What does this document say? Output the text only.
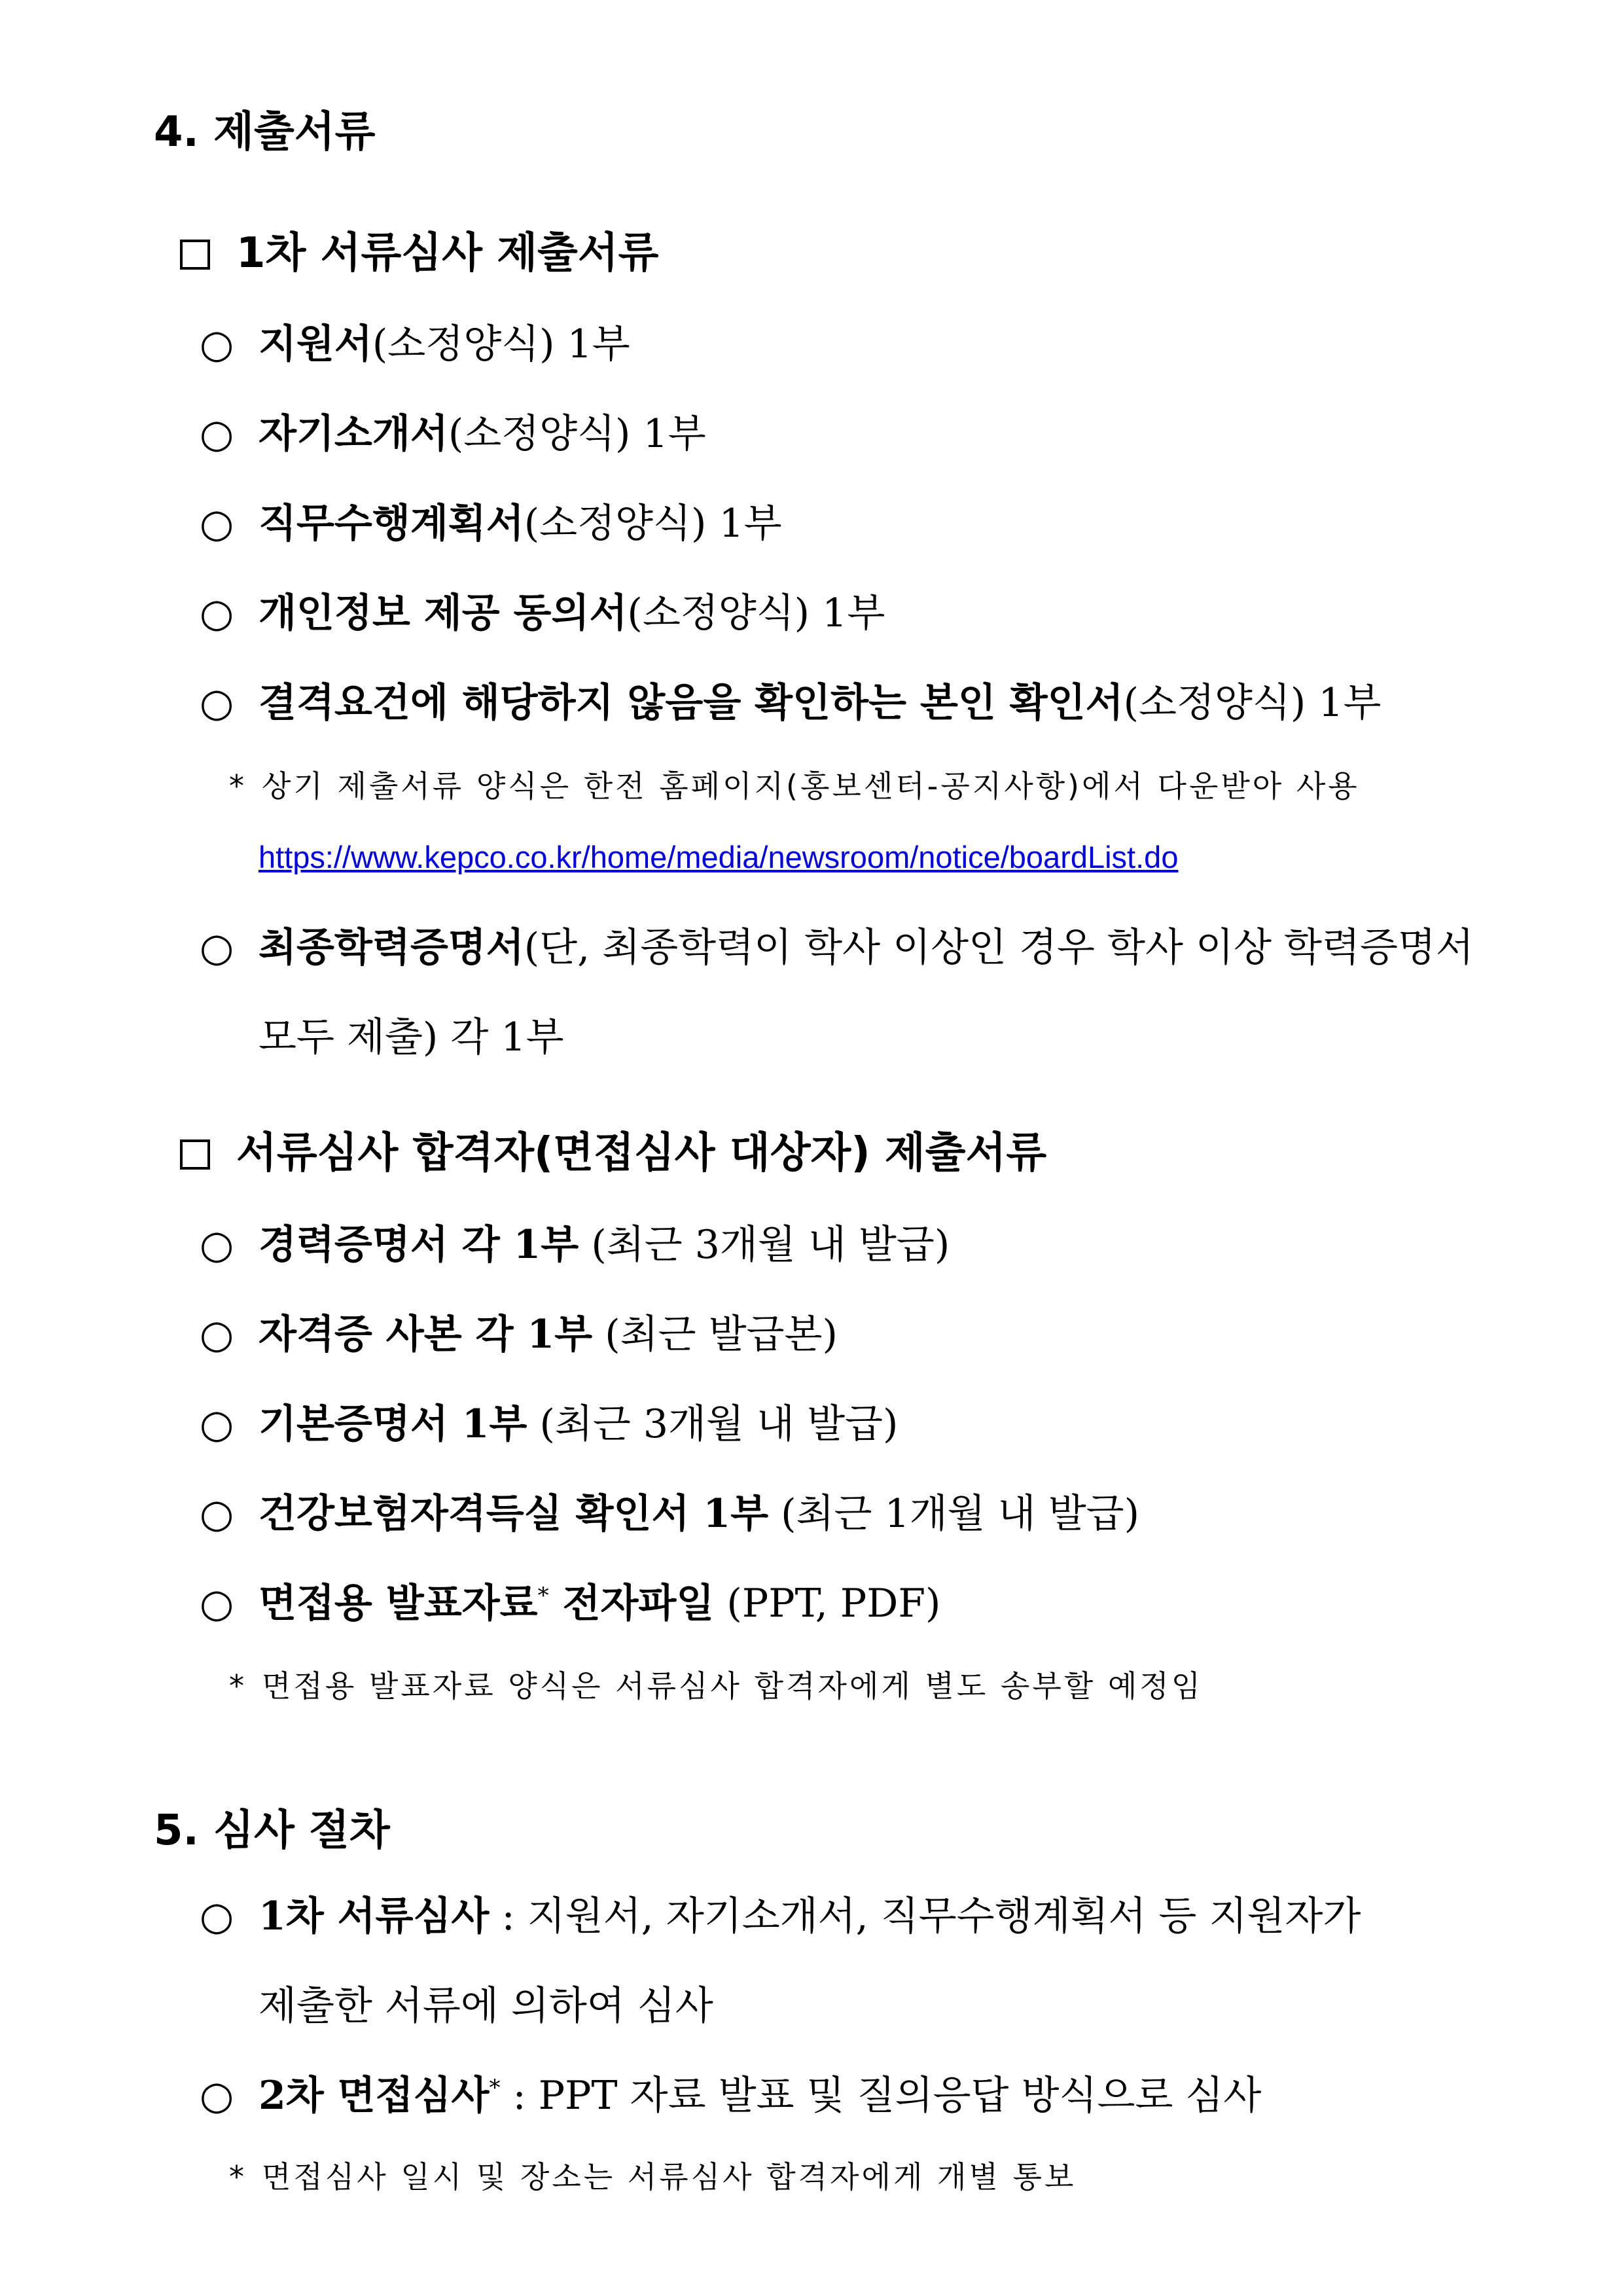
4. 제출서류
1차 서류심사 제출서류
○ 지원서(소정양식) 1부
○ 자기소개서(소정양식) 1부
○ 직무수행계획서(소정양식) 1부
○ 개인정보 제공 동의서(소정양식) 1부
○ 결격요건에 해당하지 않음을 확인하는 본인 확인서(소정양식) 1부
* 상기 제출서류 양식은 한전 홈페이지(홍보센터-공지사항)에서 다운받아 사용
https://www.kepco.co.kr/home/media/newsroom/notice/boardList.do
○ 최종학력증명서(단, 최종학력이 학사 이상인 경우 학사 이상 학력증명서
모두 제출) 각 1부
서류심사 합격자(면접심사 대상자) 제출서류
○ 경력증명서 각 1부 (최근 3개월 내 발급)
○ 자격증 사본 각 1부 (최근 발급본)
○ 기본증명서 1부 (최근 3개월 내 발급)
○ 건강보험자격득실 확인서 1부 (최근 1개월 내 발급)
○ 면접용 발표자료* 전자파일 (PPT, PDF)
* 면접용 발표자료 양식은 서류심사 합격자에게 별도 송부할 예정임
5. 심사 절차
○ 1차 서류심사 : 지원서, 자기소개서, 직무수행계획서 등 지원자가
제출한 서류에 의하여 심사
○ 2차 면접심사* : PPT 자료 발표 및 질의응답 방식으로 심사
* 면접심사 일시 및 장소는 서류심사 합격자에게 개별 통보
